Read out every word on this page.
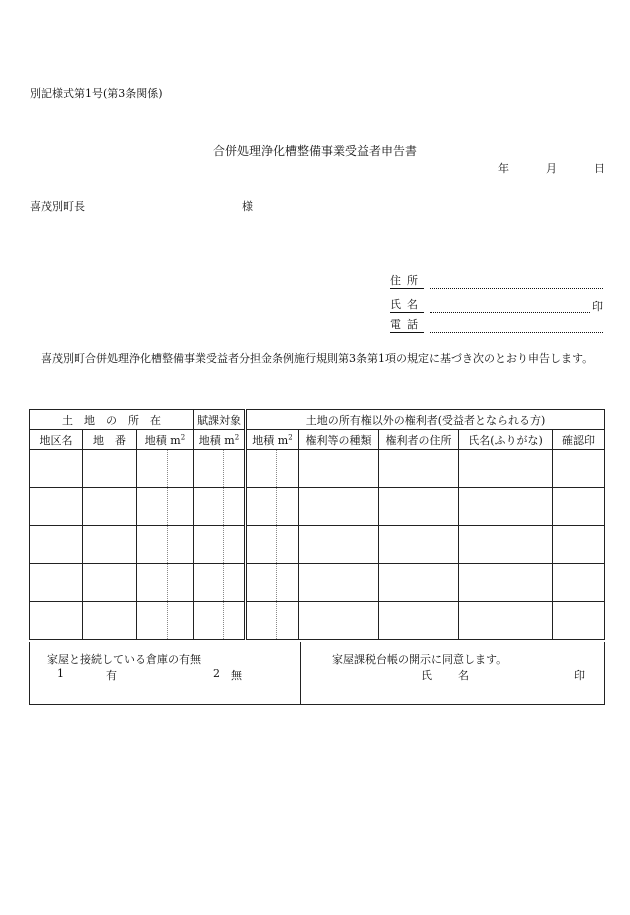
別記様式第1号(第3条関係)
合併処理浄化槽整備事業受益者申告書
年	月	日
喜茂別町長	様
住所
氏名	印
電話
喜茂別町合併処理浄化槽整備事業受益者分担金条例施行規則第3条第1項の規定に基づき次のとおり申告します。
土　地　の　所　在				賦課対象		土地の所有権以外の権利者(受益者となられる方)					
地区名	地　番	地積 $m^2$		地積 $m^2$		地積 $m^2$		権利等の種類	権利者の住所	氏名(ふりがな)	確認印

家屋と接続している倉庫の有無
1	有	2 無
家屋課税台帳の開示に同意します。
氏名	印
